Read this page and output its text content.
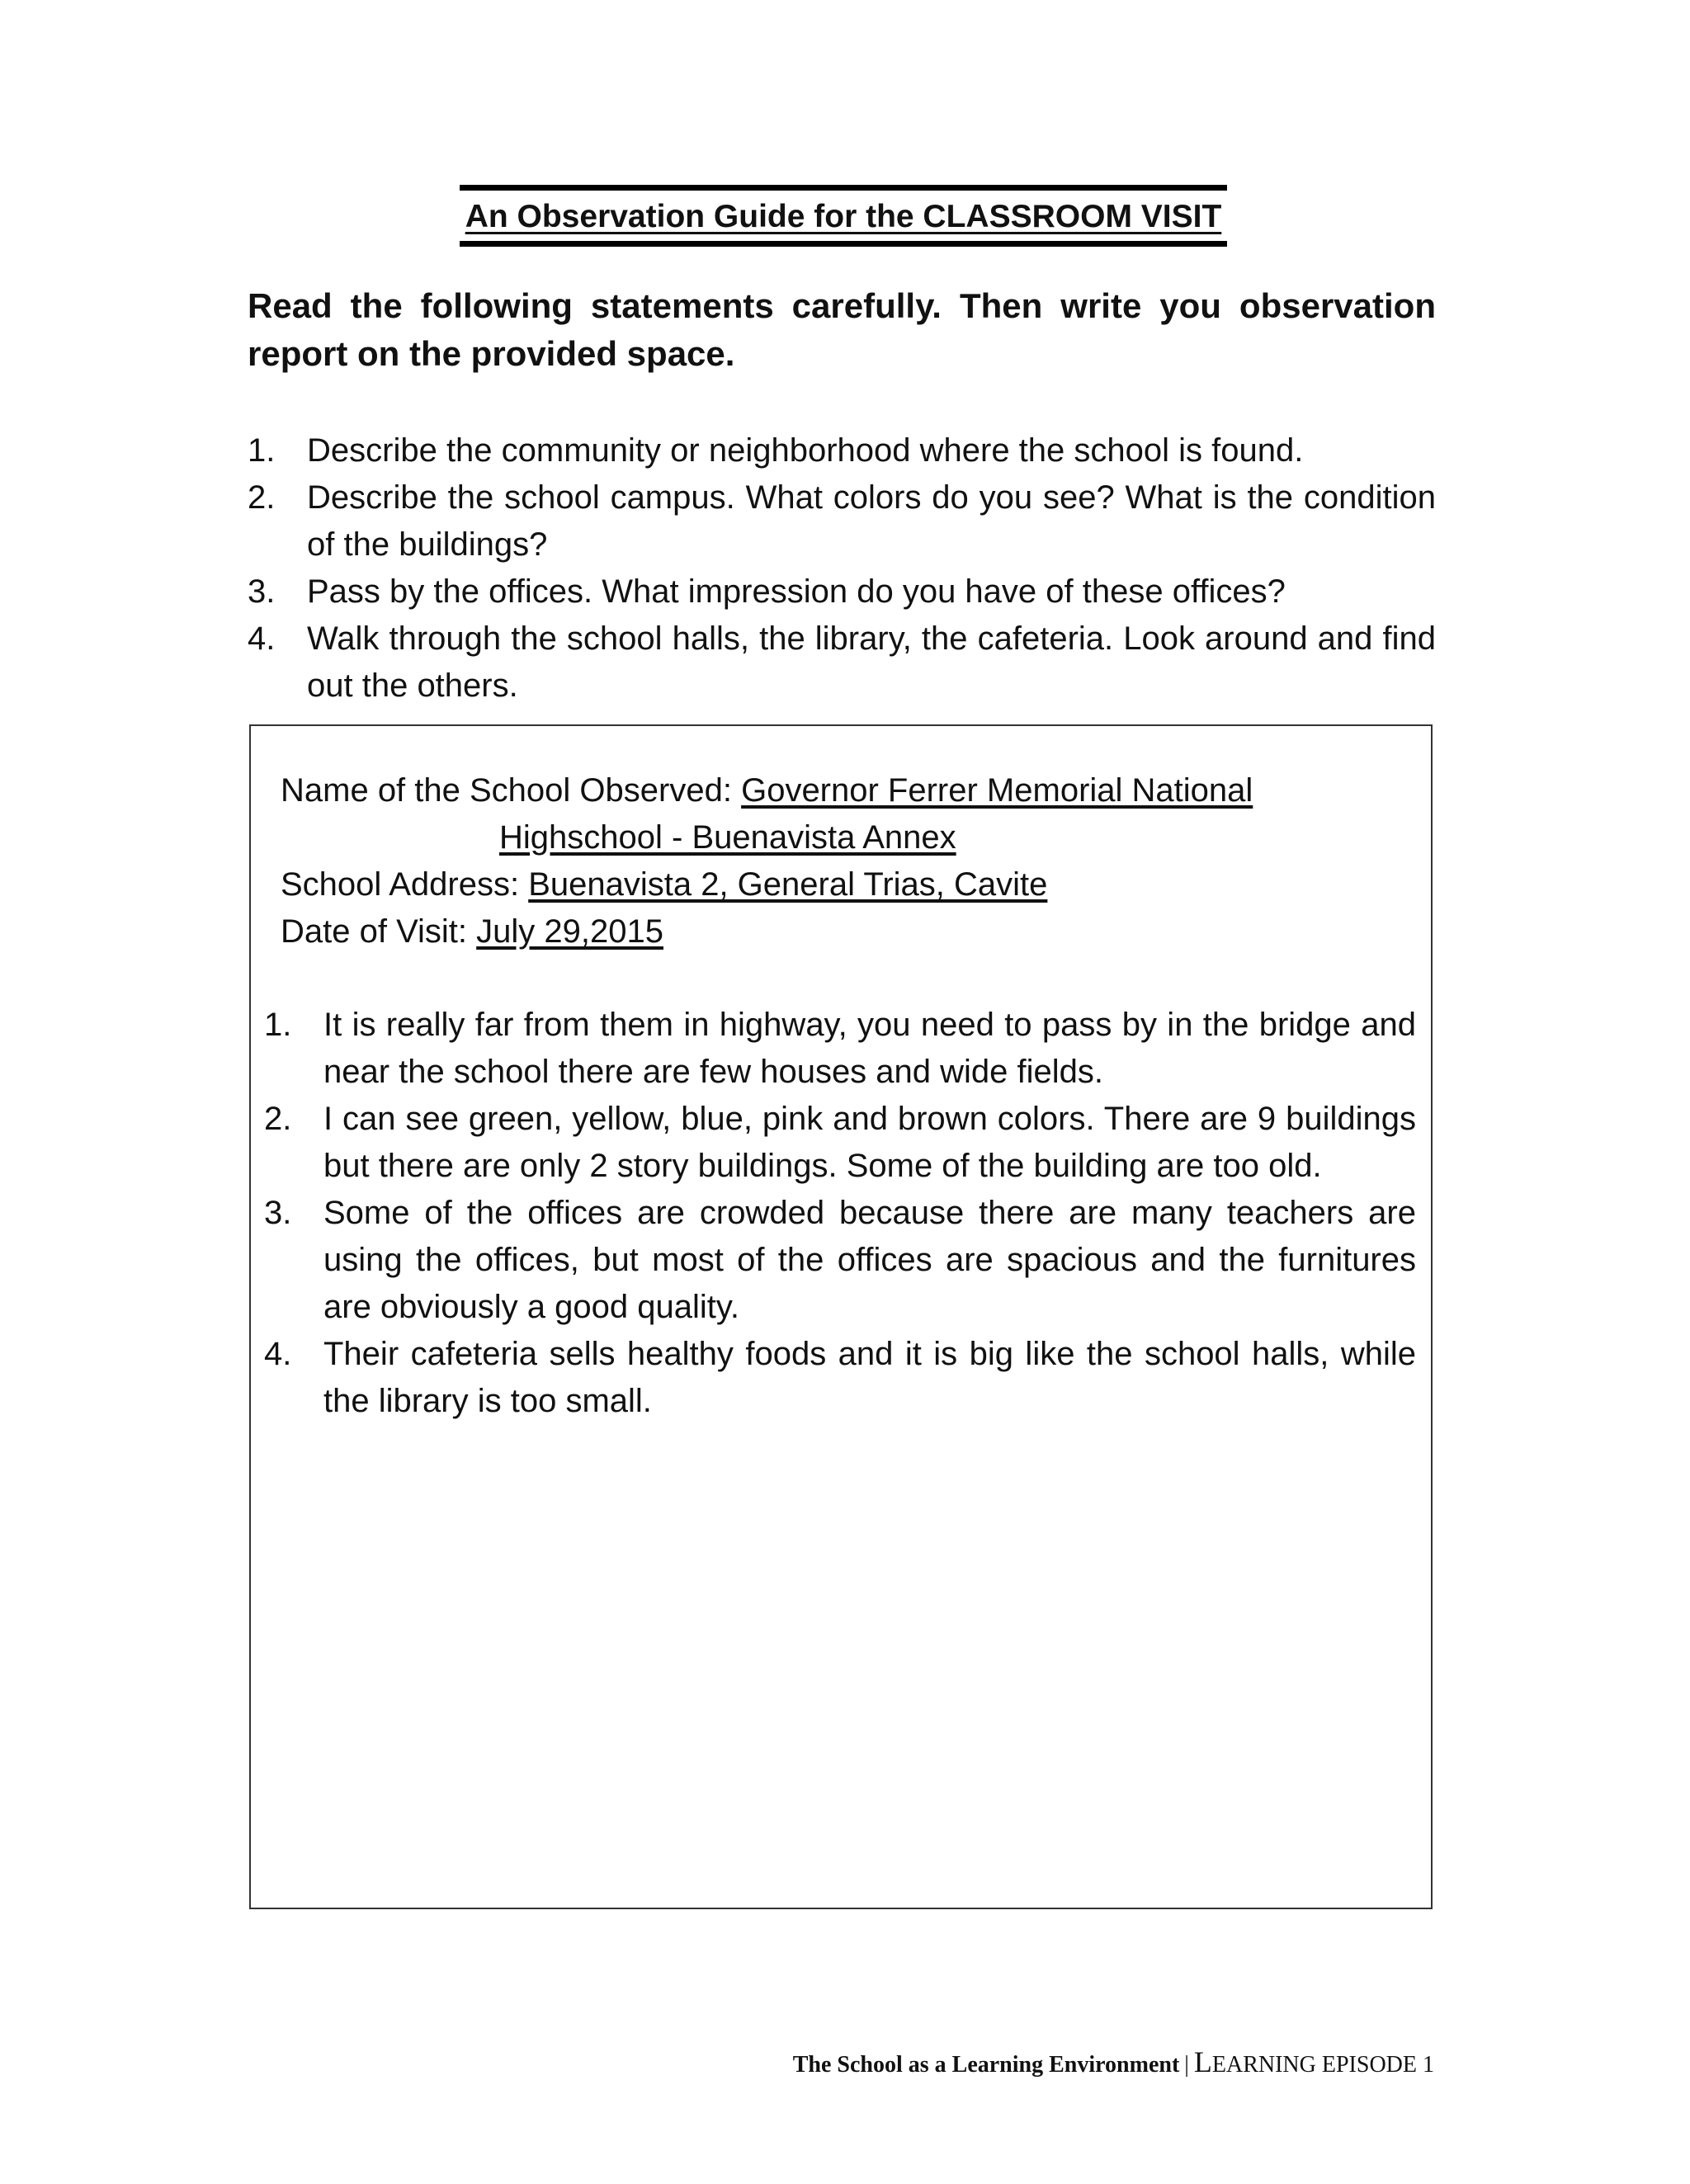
An Observation Guide for the CLASSROOM VISIT
Read the following statements carefully. Then write you observation report on the provided space.
1. Describe the community or neighborhood where the school is found.
2. Describe the school campus. What colors do you see? What is the condition of the buildings?
3. Pass by the offices. What impression do you have of these offices?
4. Walk through the school halls, the library, the cafeteria. Look around and find out the others.
Name of the School Observed: Governor Ferrer Memorial National
Highschool - Buenavista Annex
School Address: Buenavista 2, General Trias, Cavite
Date of Visit: July 29,2015
1. It is really far from them in highway, you need to pass by in the bridge and near the school there are few houses and wide fields.
2. I can see green, yellow, blue, pink and brown colors. There are 9 buildings but there are only 2 story buildings. Some of the building are too old.
3. Some of the offices are crowded because there are many teachers are using the offices, but most of the offices are spacious and the furnitures are obviously a good quality.
4. Their cafeteria sells healthy foods and it is big like the school halls, while the library is too small.
The School as a Learning Environment | LEARNING EPISODE 1
